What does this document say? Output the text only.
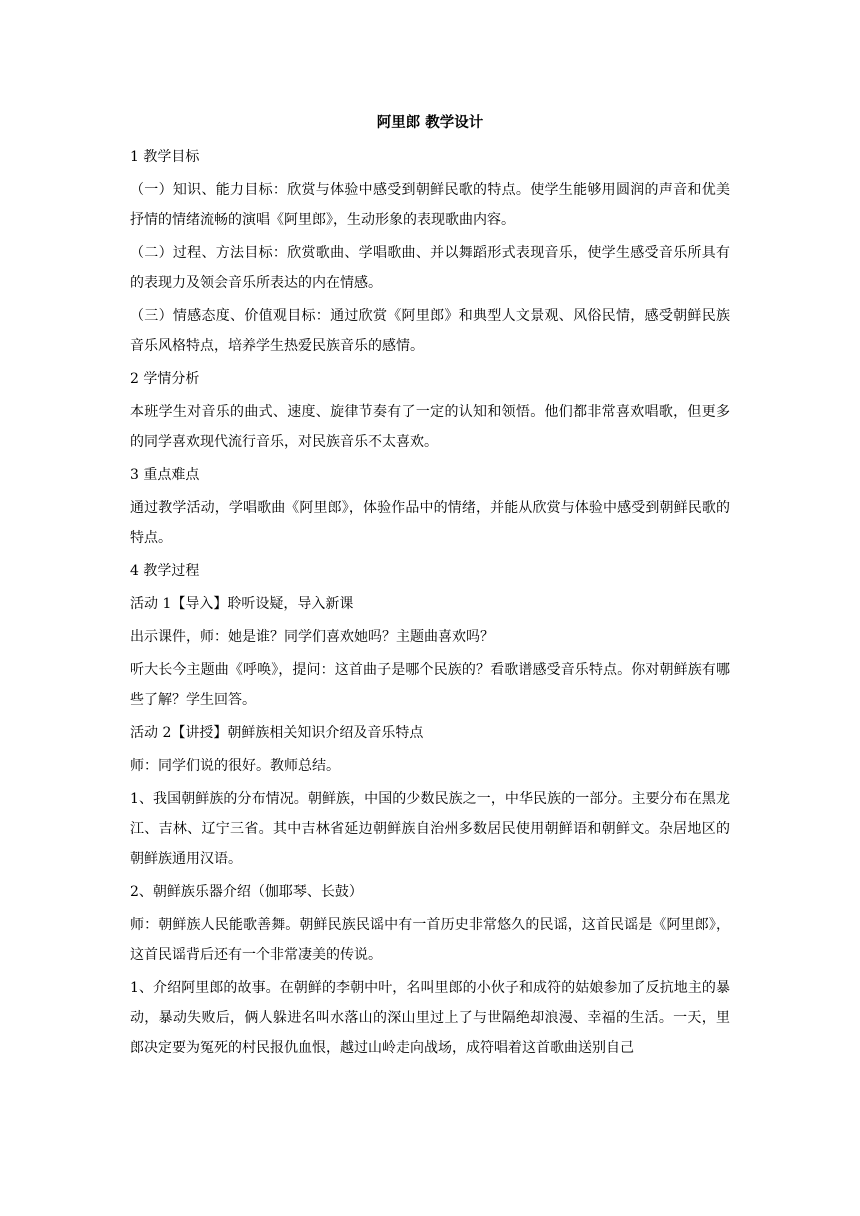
阿里郎 教学设计

1 教学目标

（一）知识、能力目标：欣赏与体验中感受到朝鲜民歌的特点。使学生能够用圆润的声音和优美抒情的情绪流畅的演唱《阿里郎》，生动形象的表现歌曲内容。

（二）过程、方法目标：欣赏歌曲、学唱歌曲、并以舞蹈形式表现音乐，使学生感受音乐所具有的表现力及领会音乐所表达的内在情感。

（三）情感态度、价值观目标：通过欣赏《阿里郎》和典型人文景观、风俗民情，感受朝鲜民族音乐风格特点，培养学生热爱民族音乐的感情。

2 学情分析

本班学生对音乐的曲式、速度、旋律节奏有了一定的认知和领悟。他们都非常喜欢唱歌，但更多的同学喜欢现代流行音乐，对民族音乐不太喜欢。

3 重点难点

通过教学活动，学唱歌曲《阿里郎》，体验作品中的情绪，并能从欣赏与体验中感受到朝鲜民歌的特点。

4 教学过程

活动 1【导入】聆听设疑，导入新课

出示课件，师：她是谁？同学们喜欢她吗？主题曲喜欢吗？

听大长今主题曲《呼唤》，提问：这首曲子是哪个民族的？看歌谱感受音乐特点。你对朝鲜族有哪些了解？学生回答。

活动 2【讲授】朝鲜族相关知识介绍及音乐特点

师：同学们说的很好。教师总结。

1、我国朝鲜族的分布情况。朝鲜族，中国的少数民族之一，中华民族的一部分。主要分布在黑龙江、吉林、辽宁三省。其中吉林省延边朝鲜族自治州多数居民使用朝鲜语和朝鲜文。杂居地区的朝鲜族通用汉语。

2、朝鲜族乐器介绍（伽耶琴、长鼓）

师：朝鲜族人民能歌善舞。朝鲜民族民谣中有一首历史非常悠久的民谣，这首民谣是《阿里郎》，这首民谣背后还有一个非常凄美的传说。

1、介绍阿里郎的故事。在朝鲜的李朝中叶，名叫里郎的小伙子和成符的姑娘参加了反抗地主的暴动，暴动失败后，俩人躲进名叫水落山的深山里过上了与世隔绝却浪漫、幸福的生活。一天，里郎决定要为冤死的村民报仇血恨，越过山岭走向战场，成符唱着这首歌曲送别自己
